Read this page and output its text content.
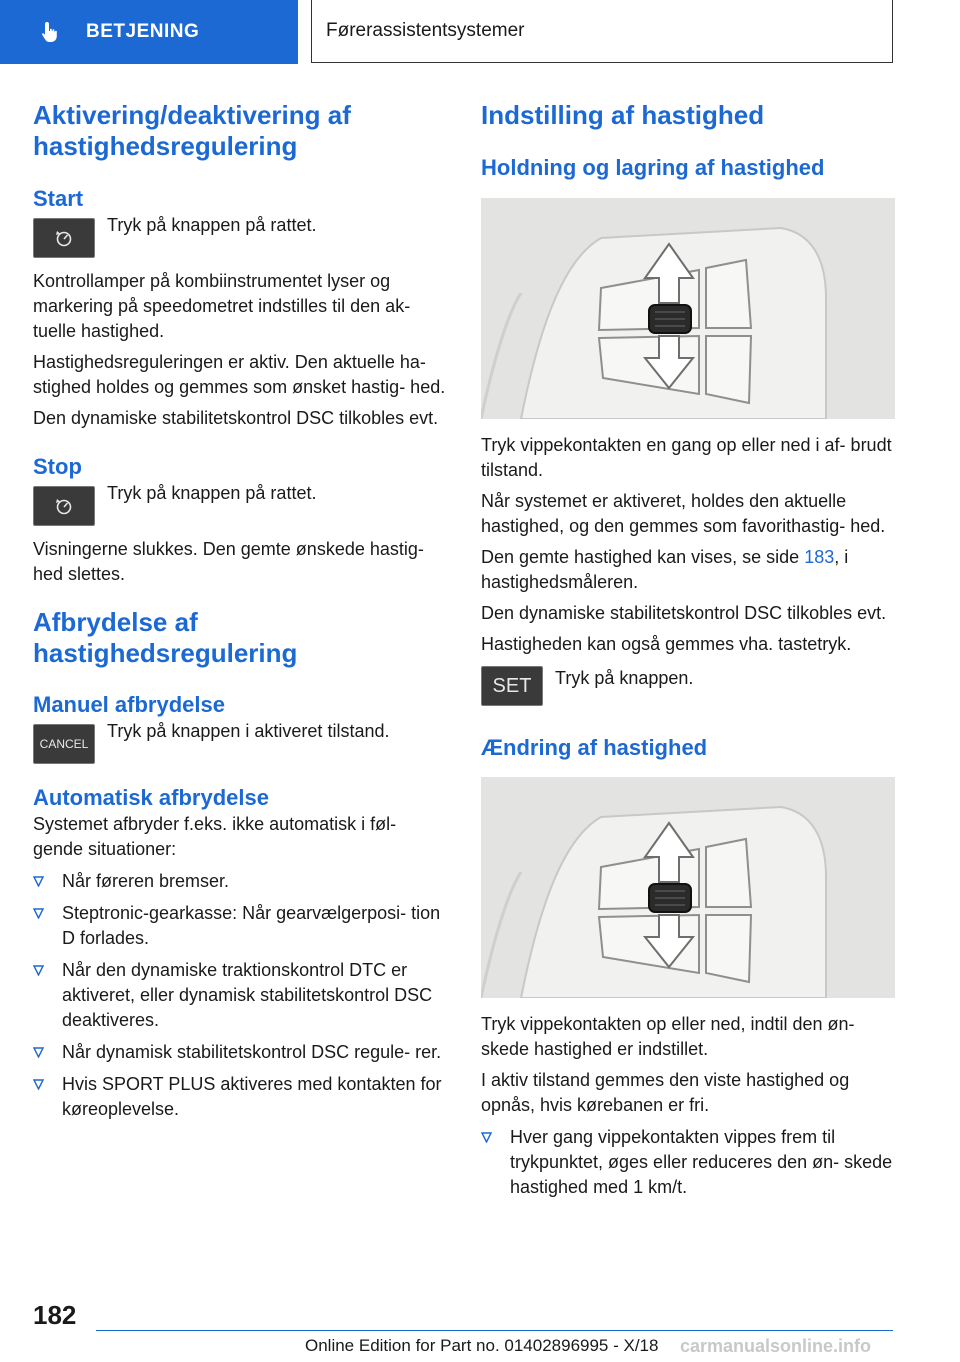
BETJENING	Førerassistentsystemer
Aktivering/deaktivering af hastighedsregulering
Start

Tryk på knappen på rattet.

Kontrollamper på kombiinstrumentet lyser og markering på speedometret indstilles til den ak- tuelle hastighed.

Hastighedsreguleringen er aktiv. Den aktuelle ha- stighed holdes og gemmes som ønsket hastig- hed.

Den dynamiske stabilitetskontrol DSC tilkobles evt.

Stop

Tryk på knappen på rattet.

Visningerne slukkes. Den gemte ønskede hastig- hed slettes.

Afbrydelse af hastighedsregulering
Manuel afbrydelse
CANCEL

Tryk på knappen i aktiveret tilstand.

Automatisk afbrydelse

Systemet afbryder f.eks. ikke automatisk i føl- gende situationer:

Når føreren bremser.
Steptronic-gearkasse: Når gearvælgerposi- tion D forlades.
Når den dynamiske traktionskontrol DTC er aktiveret, eller dynamisk stabilitetskontrol DSC deaktiveres.
Når dynamisk stabilitetskontrol DSC regule- rer.
Hvis SPORT PLUS aktiveres med kontakten for køreoplevelse.
Indstilling af hastighed
Holdning og lagring af hastighed

Tryk vippekontakten en gang op eller ned i af- brudt tilstand.

Når systemet er aktiveret, holdes den aktuelle hastighed, og den gemmes som favorithastig- hed.

Den gemte hastighed kan vises, se side 183, i hastighedsmåleren.

Den dynamiske stabilitetskontrol DSC tilkobles evt.

Hastigheden kan også gemmes vha. tastetryk.

SET	Tryk på knappen.

Ændring af hastighed

Tryk vippekontakten op eller ned, indtil den øn- skede hastighed er indstillet.

I aktiv tilstand gemmes den viste hastighed og opnås, hvis kørebanen er fri.

Hver gang vippekontakten vippes frem til trykpunktet, øges eller reduceres den øn- skede hastighed med 1 km/t.
182
Online Edition for Part no. 01402896995 - X/18 carmanualsonline.info
